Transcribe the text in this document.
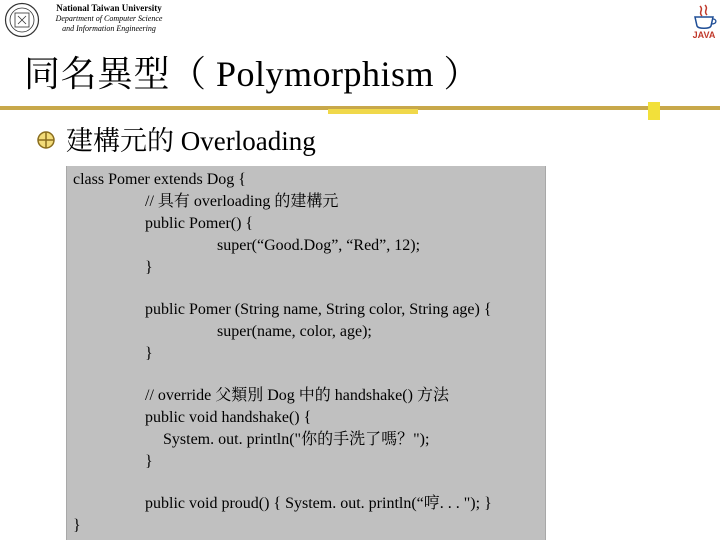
National Taiwan University
Department of Computer Science
and Information Engineering
JAVA
同名異型（ Polymorphism ）
建構元的 Overloading
class Pomer extends Dog {
// 具有 overloading 的建構元
public Pomer() {
super(“Good.Dog”, “Red”, 12);
}
public Pomer (String name, String color, String age) {
super(name, color, age);
}
// override 父類別 Dog 中的 handshake() 方法
public void handshake() {
System. out. println("你的手洗了嗎？");
}
public void proud() { System. out. println(“哼. . . "); }
}
